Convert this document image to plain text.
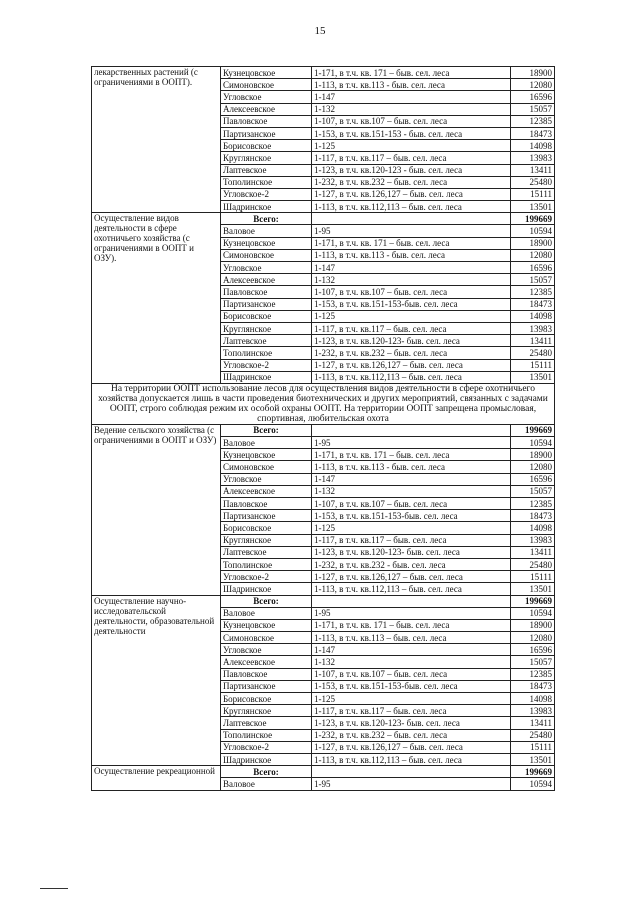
15
лекарственных растений (с ограничениями в ООПТ).	Кузнецовское	1-171, в т.ч. кв. 171 – быв. сел. леса	18900
	Симоновское	1-113, в т.ч. кв.113 - быв. сел. леса	12080
	Угловское	1-147	16596
	Алексеевское	1-132	15057
	Павловское	1-107, в т.ч. кв.107 – быв. сел. леса	12385
	Партизанское	1-153, в т.ч. кв.151-153 - быв. сел. леса	18473
	Борисовское	1-125	14098
	Круглянское	1-117, в т.ч. кв.117 – быв. сел. леса	13983
	Лаптевское	1-123, в т.ч. кв.120-123 - быв. сел. леса	13411
	Тополинское	1-232, в т.ч. кв.232 – быв. сел. леса	25480
	Угловское-2	1-127, в т.ч. кв.126,127 – быв. сел. леса	15111
	Шадринское	1-113, в т.ч. кв.112,113 – быв. сел. леса	13501
Осуществление видов деятельности в сфере охотничьего хозяйства (с ограничениями в ООПТ и ОЗУ).	Всего:		199669
	Валовое	1-95	10594
	Кузнецовское	1-171, в т.ч. кв. 171 – быв. сел. леса	18900
	Симоновское	1-113, в т.ч. кв.113 - быв. сел. леса	12080
	Угловское	1-147	16596
	Алексеевское	1-132	15057
	Павловское	1-107, в т.ч. кв.107 – быв. сел. леса	12385
	Партизанское	1-153, в т.ч. кв.151-153-быв. сел. леса	18473
	Борисовское	1-125	14098
	Круглянское	1-117, в т.ч. кв.117 – быв. сел. леса	13983
	Лаптевское	1-123, в т.ч. кв.120-123- быв. сел. леса	13411
	Тополинское	1-232, в т.ч. кв.232 – быв. сел. леса	25480
	Угловское-2	1-127, в т.ч. кв.126,127 – быв. сел. леса	15111
	Шадринское	1-113, в т.ч. кв.112,113 – быв. сел. леса	13501
На территории ООПТ использование лесов для осуществления видов деятельности в сфере охотничьего хозяйства допускается лишь в части проведения биотехнических и других мероприятий, связанных с задачами ООПТ, строго соблюдая режим их особой охраны ООПТ. На территории ООПТ запрещена промысловая, спортивная, любительская охота			
Ведение сельского хозяйства (с ограничениями в ООПТ и ОЗУ)	Всего:		199669
	Валовое	1-95	10594
	Кузнецовское	1-171, в т.ч. кв. 171 – быв. сел. леса	18900
	Симоновское	1-113, в т.ч. кв.113 - быв. сел. леса	12080
	Угловское	1-147	16596
	Алексеевское	1-132	15057
	Павловское	1-107, в т.ч. кв.107 – быв. сел. леса	12385
	Партизанское	1-153, в т.ч. кв.151-153-быв. сел. леса	18473
	Борисовское	1-125	14098
	Круглянское	1-117, в т.ч. кв.117 – быв. сел. леса	13983
	Лаптевское	1-123, в т.ч. кв.120-123- быв. сел. леса	13411
	Тополинское	1-232, в т.ч. кв.232 - быв. сел. леса	25480
	Угловское-2	1-127, в т.ч. кв.126,127 – быв. сел. леса	15111
	Шадринское	1-113, в т.ч. кв.112,113 – быв. сел. леса	13501
Осуществление научно-исследовательской деятельности, образовательной деятельности	Всего:		199669
	Валовое	1-95	10594
	Кузнецовское	1-171, в т.ч. кв. 171 – быв. сел. леса	18900
	Симоновское	1-113, в т.ч. кв.113 – быв. сел. леса	12080
	Угловское	1-147	16596
	Алексеевское	1-132	15057
	Павловское	1-107, в т.ч. кв.107 – быв. сел. леса	12385
	Партизанское	1-153, в т.ч. кв.151-153-быв. сел. леса	18473
	Борисовское	1-125	14098
	Круглянское	1-117, в т.ч. кв.117 – быв. сел. леса	13983
	Лаптевское	1-123, в т.ч. кв.120-123- быв. сел. леса	13411
	Тополинское	1-232, в т.ч. кв.232 – быв. сел. леса	25480
	Угловское-2	1-127, в т.ч. кв.126,127 – быв. сел. леса	15111
	Шадринское	1-113, в т.ч. кв.112,113 – быв. сел. леса	13501
Осуществление рекреационной	Всего:		199669
	Валовое	1-95	10594
